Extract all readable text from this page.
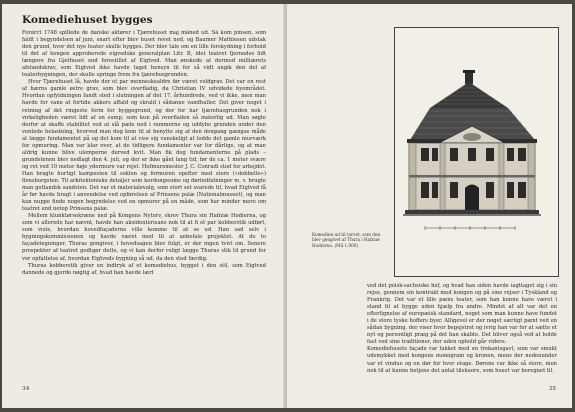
Komediehuset bygges

Forårct 1748 spillede de danske aktører i Tjærehuset maj måned ud. Så kom pinsen, som faldt i begyndelsen af juni, snart efter blev huset revet ned, og Baumer Mathiesen udstak den grund, hvor det nye teater skulle bygges. Der blev tale om en lille forskydning i forhold til det af kongen approberede eigvedske generalplan Litr. B, idet teatret fjernedes lidt længere fra Gjethuset end forestillet af Eigtved. Man ønskede at dermed militærets afstandskrav, som Eigtved ikke havde taget hensyn til for så vidt angik den del af teaterbygningen, der skulle springe frem fra tjærehusgrunden.

Hvor Tjærehuset lå, havde der et par menneskealdre før været voldgrav. Det var en rest af hærns gamle østre grav, som blev overfladig, da Christian IV udvidede byområdet. Hvordan opfyldningen fandt sted i slutningen af det 17. århundrede, ved vi ikke, men man havde for vane at fortide akkers affald og skrald i sådanne vandhuller. Det giver noget i retning af det ringeste form for byggegrund, og der for har tjærehusgrunden nok i virkeligheden været lidt af en sump, som kun på overfladen så materlig ud. Man søgte derfor at skaffe stabilitet ved at slå pæle ned i rammerne og uddybe grunden under den ventede belastning, hvorved man dog kom til at benytte sig af den dengang gængse måde at lægge fundamentet på og det kom til at vise sig vanskeligt at lodde det gamle murværk for opmuring. Man var klar over, at de tidligere fundamenter var for dårlige, og at man aldrig kunne blive ulemperne derved kvit. Man fik dog fundamenterne på plads – grundstenen blev nedlagt den 4. juli, og der er ikke gået lang tid, før de ca. 1 meter svære og ret ved 10 meter høje ydermure var rejst. Hofmuremester J. C. Conradi stod for arbejdet. Han bragte hurtigt kampesten til soklen og formuren opefter med store (»dobbelte«) flensborgsten. Til arkitektoniske detaljer som kordongesims og dørindfatninger m. v. brugte man gotlandsk sandsten. Det var et materialevalg, som stort set svarede til, hvad Eigtved få år før havde bragt i anvendelse ved opførelsen af Prinsens palæ (Nationalmuseet), og man kan nuppe finde nogen begyndelse ved en opmurer på en måde, som har minder mere om teatret end netop Prinsens palæ.

Mellem klunktørsekræne ned på Kongens Nytorv, skrev Thura sin Hafniæ Hodierna, og som vi allerede har nævnt, havde han aksidenterisans nok til at fi et par kobberstik udført, som viste, hvordan hovedfaçaderne ville komme til at se ud. Han sad selv i bygningskommissionen og havde været med til at anbefale projektet. At de to façadetegninger. Thuras gengiver, i hovedsagen blev fulgt, er der ingen tvivl om. Senere prospekter af teatret godtgør dette, og vi kan derfor roligt lægge Thuras stik til grund for vor opfattelse af, hvordan Eigtveds bygning så ud, da den stod færdig.

Thuras kobberstik giver en indtryk af et komediehus, bygget i den stil, som Eigtved dannede og gjorde nøgtig af, hvad han havde lært

34
Komedien ud til torvet, som den blev gengivet af Thura i Hafniæ Hodierna. (Mil 1.000)

ved det polsk-sachsiske hof, og hvad han siden havde iagttaget sig i sin rejse, gennem sin kontrakt med kongen og på sine rejser i Tyskland og Frankrig. Det var et lille pæns teater, som han kunne have været i stand til at bygge uden hjælp fra andre. Mindst af alt var det en efterlignelse af europæisk standard, noget som man kunne have fundet i de store tyske hoffers byer. Alligevel er der noget særligt pænt ved en sådan bygning, der viser hvor begejstret og ivrig han var for at sætte et nyt og personligt præg på det han skabte. Det bliver også ved at holde fast ved sine traditioner, der uden ophold går videre.

Komediehusets façade var lukket med en trekantsgavl, som var smukt udsmykket med kongens monogram og kronen, mens der nedenunder var et vindue og en dør for hver etage. Dørene var ikke så store, men nok til at kunne betjene det antal tilskuere, som huset var beregnet til.

35
